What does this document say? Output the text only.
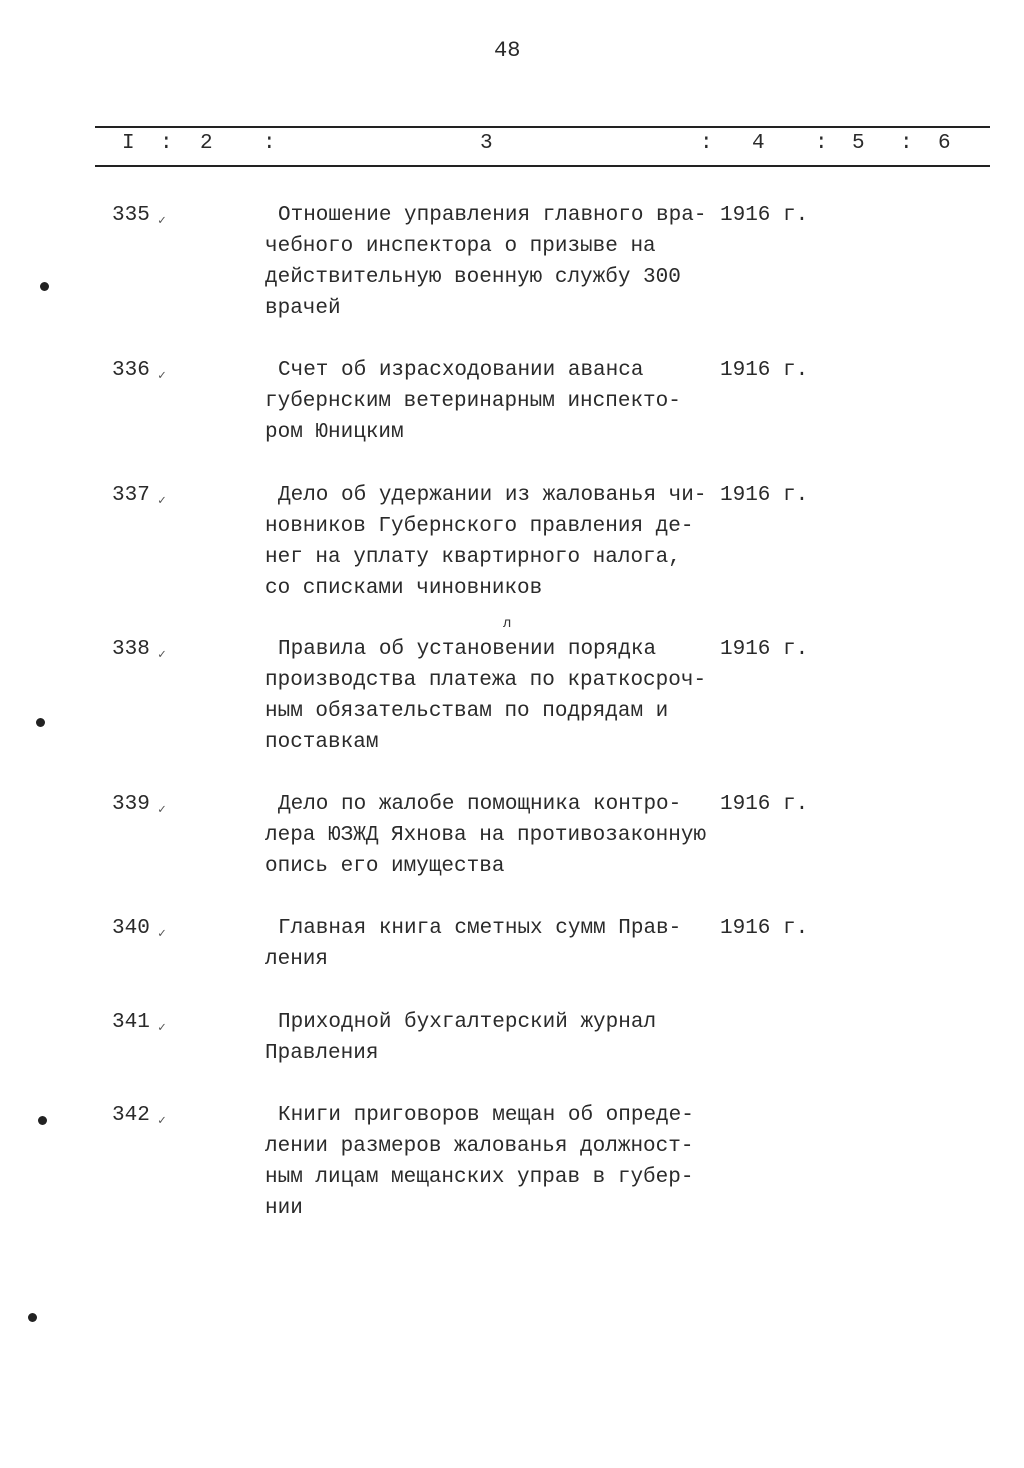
48
I : 2 :	3	: 4 : 5 : 6
335 ✓	Отношение управления главного вра-
чебного инспектора о призыве на
действительную военную службу 300
врачей
1916 г.
336 ✓	Счет об израсходовании аванса
губернским ветеринарным инспекто-
ром Юницким
1916 г.
337 ✓	Дело об удержании из жалованья чи-
новников Губернского правления де-
нег на уплату квартирного налога,
со списками чиновников
1916 г.
338 ✓	Правила об установении порядка
производства платежа по краткосроч-
ным обязательствам по подрядам и
поставкам
1916 г.
л
339 ✓	Дело по жалобе помощника контро-
лера ЮЗЖД Яхнова на противозаконную
опись его имущества
1916 г.
340 ✓	Главная книга сметных сумм Прав-
ления
1916 г.
341 ✓	Приходной бухгалтерский журнал
Правления
342 ✓	Книги приговоров мещан об опреде-
лении размеров жалованья должност-
ным лицам мещанских управ в губер-
нии
